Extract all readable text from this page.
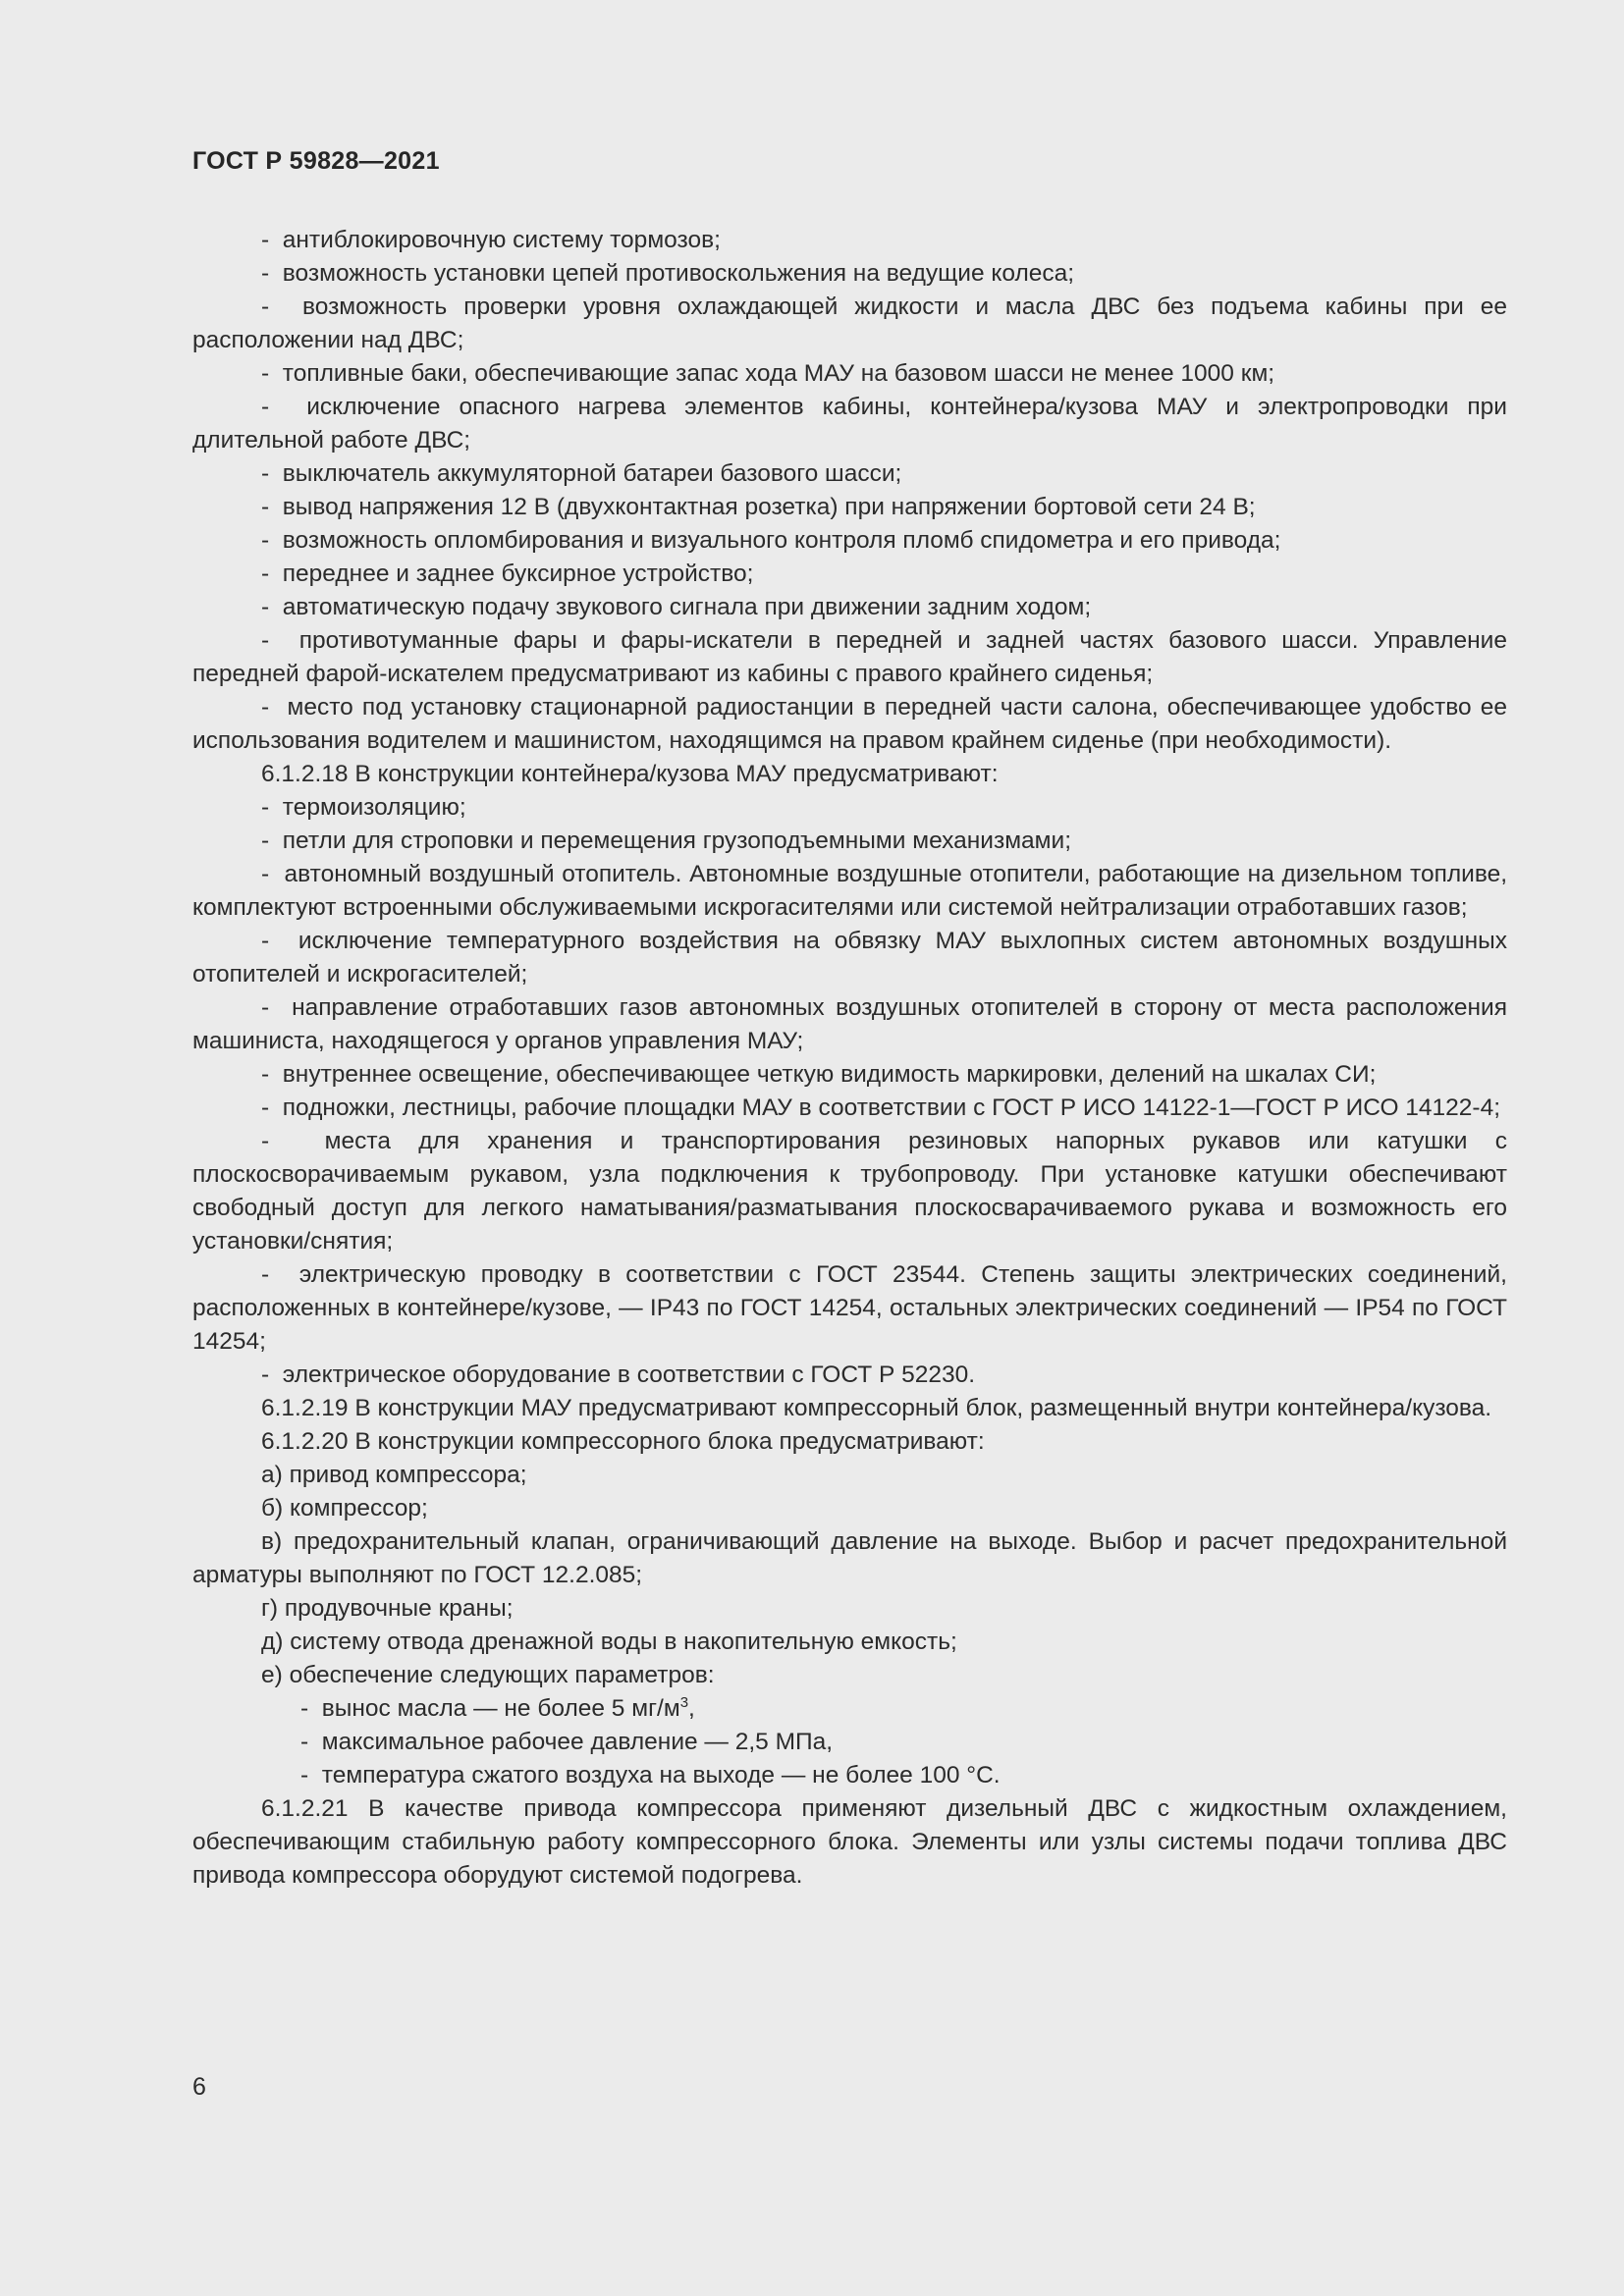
ГОСТ Р 59828—2021

-  антиблокировочную систему тормозов;

-  возможность установки цепей противоскольжения на ведущие колеса;

-  возможность проверки уровня охлаждающей жидкости и масла ДВС без подъема кабины при ее расположении над ДВС;

-  топливные баки, обеспечивающие запас хода МАУ на базовом шасси не менее 1000 км;

-  исключение опасного нагрева элементов кабины, контейнера/кузова МАУ и электропроводки при длительной работе ДВС;

-  выключатель аккумуляторной батареи базового шасси;

-  вывод напряжения 12 В (двухконтактная розетка) при напряжении бортовой сети 24 В;

-  возможность опломбирования и визуального контроля пломб спидометра и его привода;

-  переднее и заднее буксирное устройство;

-  автоматическую подачу звукового сигнала при движении задним ходом;

-  противотуманные фары и фары-искатели в передней и задней частях базового шасси. Управление передней фарой-искателем предусматривают из кабины с правого крайнего сиденья;

-  место под установку стационарной радиостанции в передней части салона, обеспечивающее удобство ее использования водителем и машинистом, находящимся на правом крайнем сиденье (при необходимости).

6.1.2.18 В конструкции контейнера/кузова МАУ предусматривают:

-  термоизоляцию;

-  петли для строповки и перемещения грузоподъемными механизмами;

-  автономный воздушный отопитель. Автономные воздушные отопители, работающие на дизельном топливе, комплектуют встроенными обслуживаемыми искрогасителями или системой нейтрализации отработавших газов;

-  исключение температурного воздействия на обвязку МАУ выхлопных систем автономных воздушных отопителей и искрогасителей;

-  направление отработавших газов автономных воздушных отопителей в сторону от места расположения машиниста, находящегося у органов управления МАУ;

-  внутреннее освещение, обеспечивающее четкую видимость маркировки, делений на шкалах СИ;

-  подножки, лестницы, рабочие площадки МАУ в соответствии с ГОСТ Р ИСО 14122-1—ГОСТ Р ИСО 14122-4;

-  места для хранения и транспортирования резиновых напорных рукавов или катушки с плоскосворачиваемым рукавом, узла подключения к трубопроводу. При установке катушки обеспечивают свободный доступ для легкого наматывания/разматывания плоскосварачиваемого рукава и возможность его установки/снятия;

-  электрическую проводку в соответствии с ГОСТ 23544. Степень защиты электрических соединений, расположенных в контейнере/кузове, — IP43 по ГОСТ 14254, остальных электрических соединений — IP54 по ГОСТ 14254;

-  электрическое оборудование в соответствии с ГОСТ Р 52230.

6.1.2.19 В конструкции МАУ предусматривают компрессорный блок, размещенный внутри контейнера/кузова.

6.1.2.20 В конструкции компрессорного блока предусматривают:

а) привод компрессора;

б) компрессор;

в) предохранительный клапан, ограничивающий давление на выходе. Выбор и расчет предохранительной арматуры выполняют по ГОСТ 12.2.085;

г) продувочные краны;

д) систему отвода дренажной воды в накопительную емкость;

е) обеспечение следующих параметров:

-  вынос масла — не более 5 $мг/м^3$,

-  максимальное рабочее давление — 2,5 МПа,

-  температура сжатого воздуха на выходе — не более 100 °С.

6.1.2.21 В качестве привода компрессора применяют дизельный ДВС с жидкостным охлаждением, обеспечивающим стабильную работу компрессорного блока. Элементы или узлы системы подачи топлива ДВС привода компрессора оборудуют системой подогрева.

6
